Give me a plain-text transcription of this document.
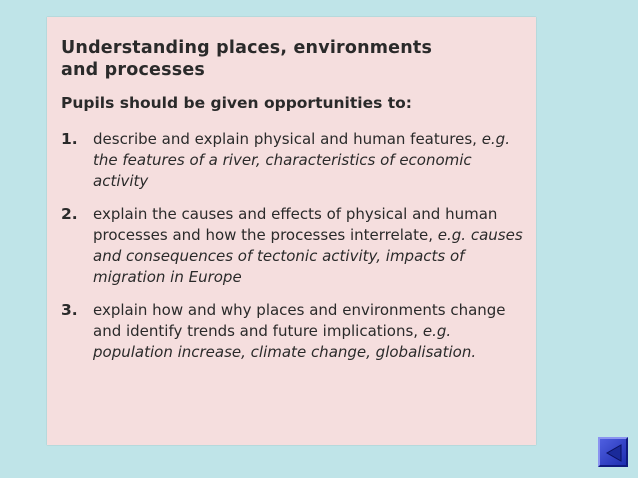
Understanding places, environments
and processes
Pupils should be given opportunities to:
1.	describe and explain physical and human features, e.g. the features of a river, characteristics of economic activity
2.	explain the causes and effects of physical and human processes and how the processes interrelate, e.g. causes and consequences of tectonic activity, impacts of migration in Europe
3.	explain how and why places and environments change and identify trends and future implications, e.g. population increase, climate change, globalisation.
